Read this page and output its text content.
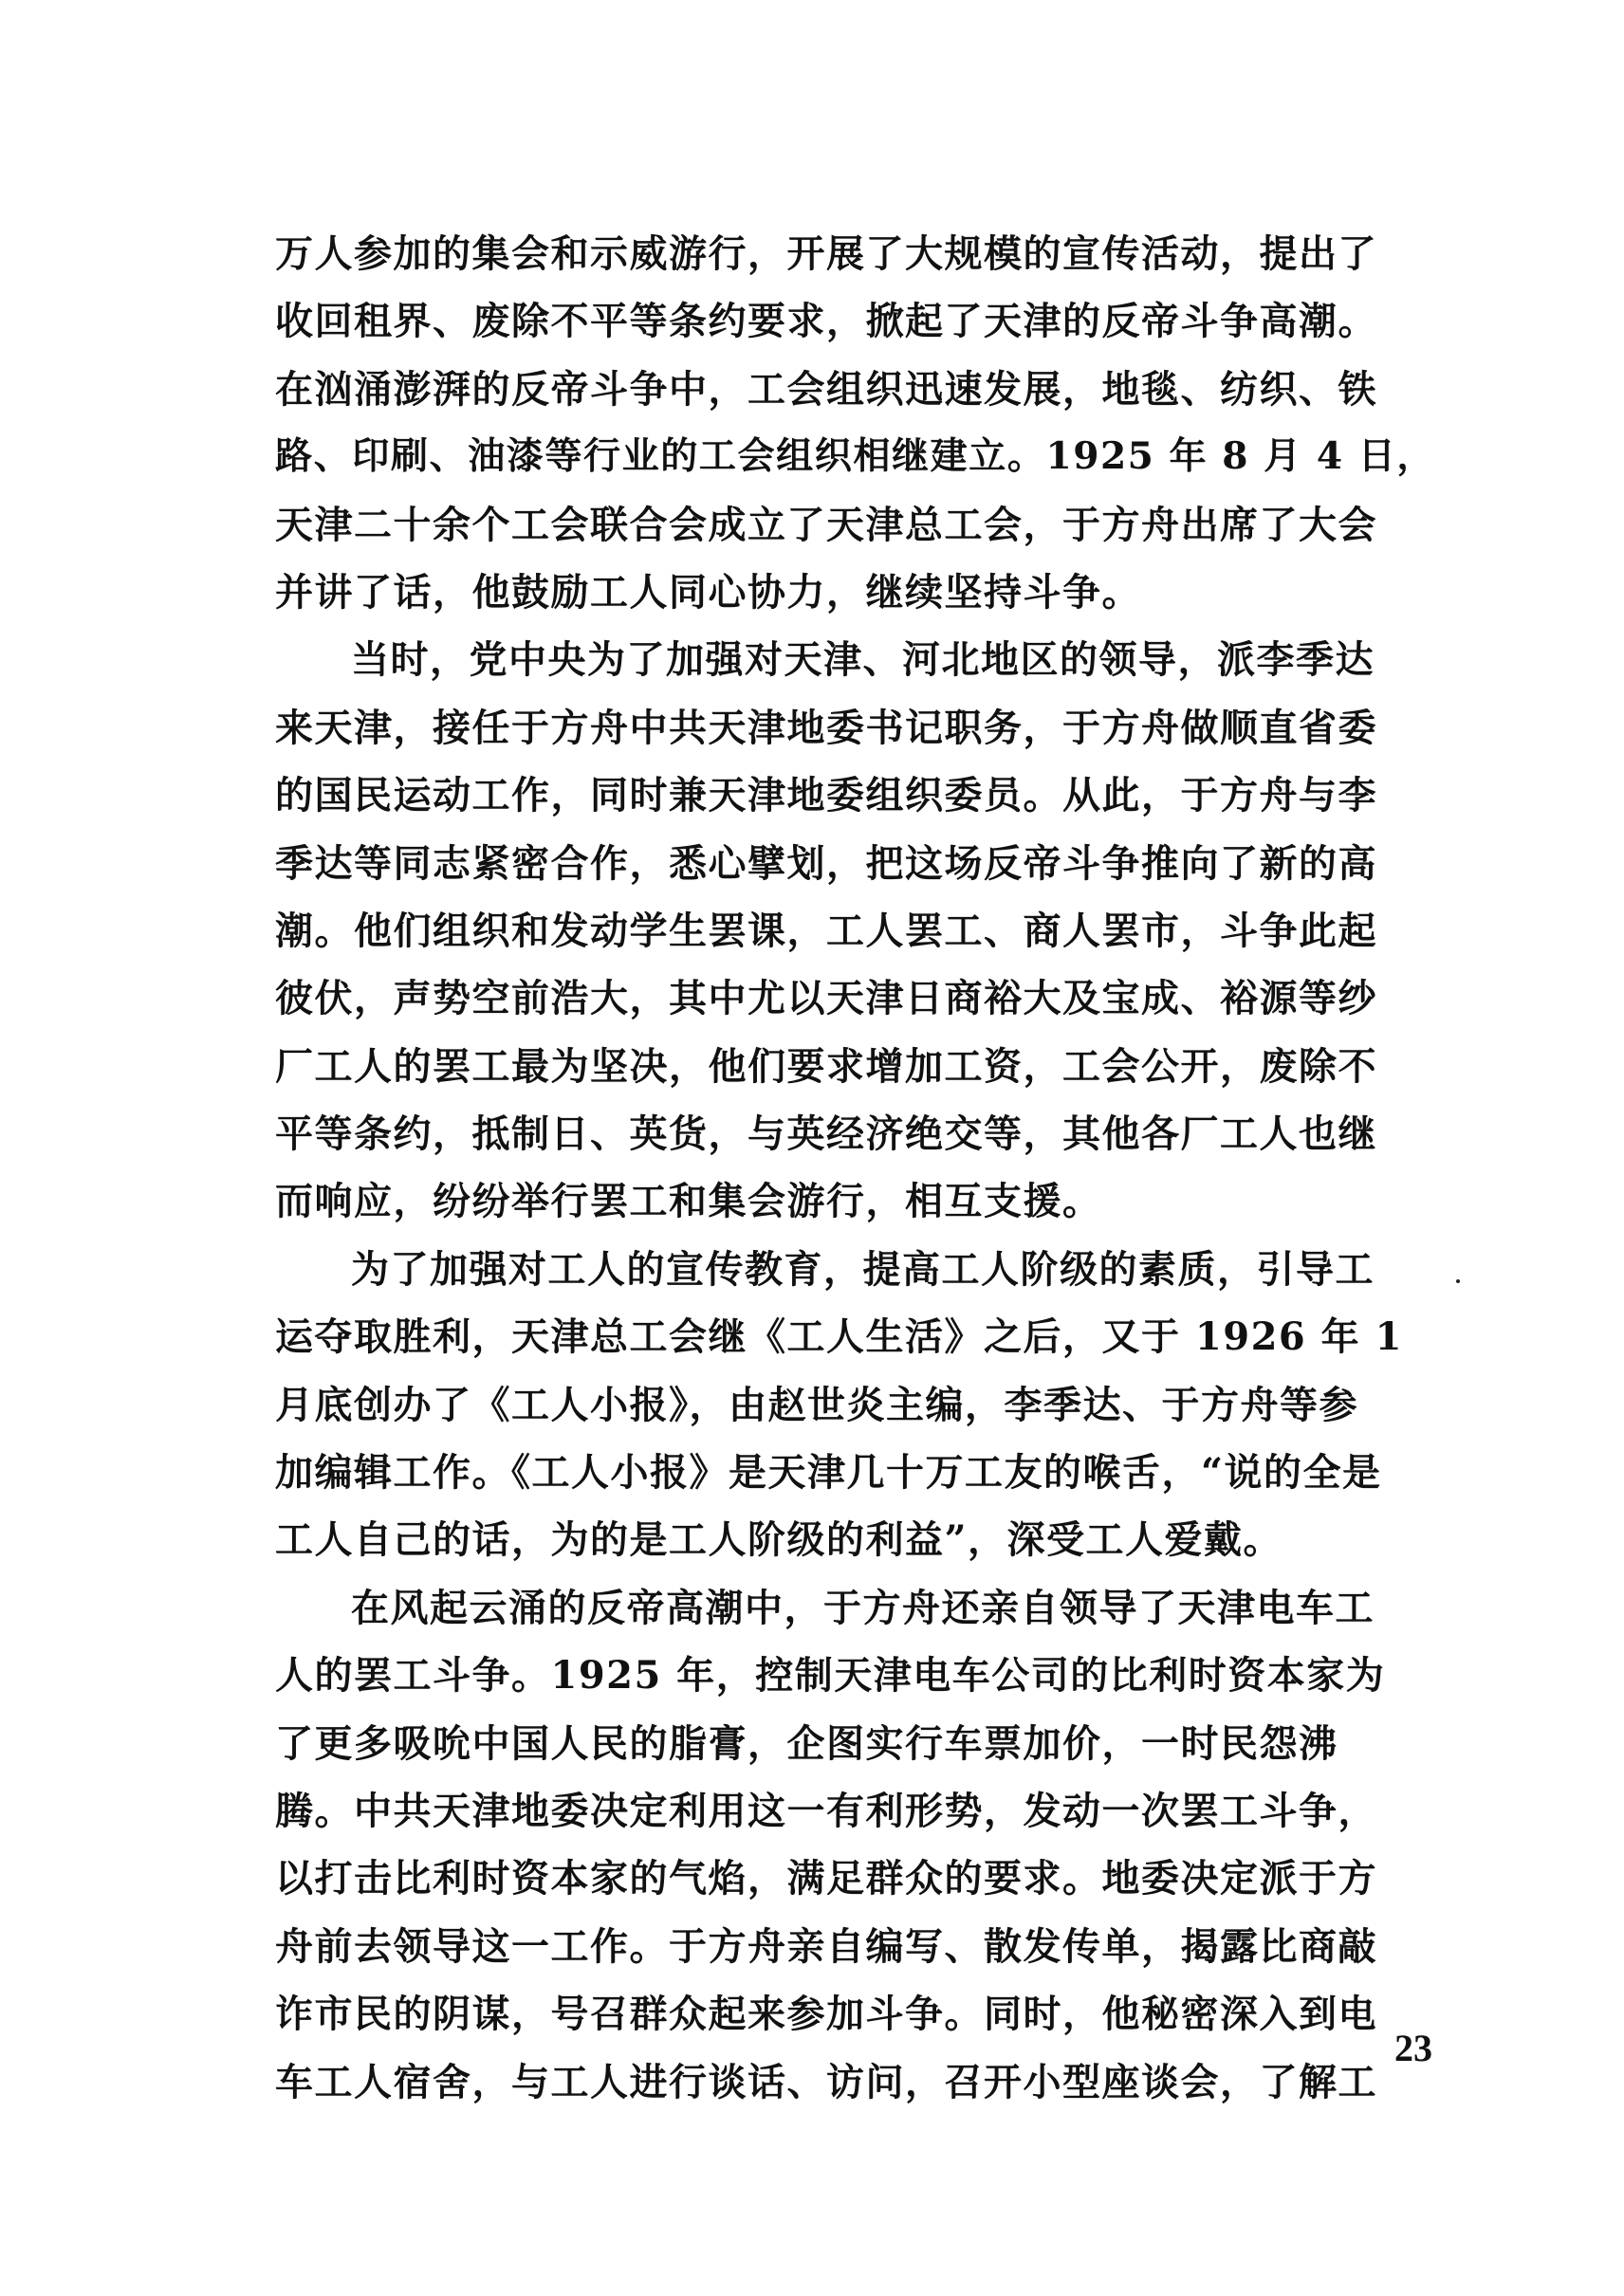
万人参加的集会和示威游行，开展了大规模的宣传活动，提出了
收回租界、废除不平等条约要求，掀起了天津的反帝斗争高潮。
在汹涌澎湃的反帝斗争中，工会组织迅速发展，地毯、纺织、铁
路、印刷、油漆等行业的工会组织相继建立。1925 年 8 月 4 日，
天津二十余个工会联合会成立了天津总工会，于方舟出席了大会
并讲了话，他鼓励工人同心协力，继续坚持斗争。
当时，党中央为了加强对天津、河北地区的领导，派李季达
来天津，接任于方舟中共天津地委书记职务，于方舟做顺直省委
的国民运动工作，同时兼天津地委组织委员。从此，于方舟与李
季达等同志紧密合作，悉心擘划，把这场反帝斗争推向了新的高
潮。他们组织和发动学生罢课，工人罢工、商人罢市，斗争此起
彼伏，声势空前浩大，其中尤以天津日商裕大及宝成、裕源等纱
厂工人的罢工最为坚决，他们要求增加工资，工会公开，废除不
平等条约，抵制日、英货，与英经济绝交等，其他各厂工人也继
而响应，纷纷举行罢工和集会游行，相互支援。
为了加强对工人的宣传教育，提高工人阶级的素质，引导工
运夺取胜利，天津总工会继《工人生活》之后，又于 1926 年 1
月底创办了《工人小报》，由赵世炎主编，李季达、于方舟等参
加编辑工作。《工人小报》是天津几十万工友的喉舌，“说的全是
工人自己的话，为的是工人阶级的利益”，深受工人爱戴。
在风起云涌的反帝高潮中，于方舟还亲自领导了天津电车工
人的罢工斗争。1925 年，控制天津电车公司的比利时资本家为
了更多吸吮中国人民的脂膏，企图实行车票加价，一时民怨沸
腾。中共天津地委决定利用这一有利形势，发动一次罢工斗争，
以打击比利时资本家的气焰，满足群众的要求。地委决定派于方
舟前去领导这一工作。于方舟亲自编写、散发传单，揭露比商敲
诈市民的阴谋，号召群众起来参加斗争。同时，他秘密深入到电
车工人宿舍，与工人进行谈话、访问，召开小型座谈会，了解工
23
